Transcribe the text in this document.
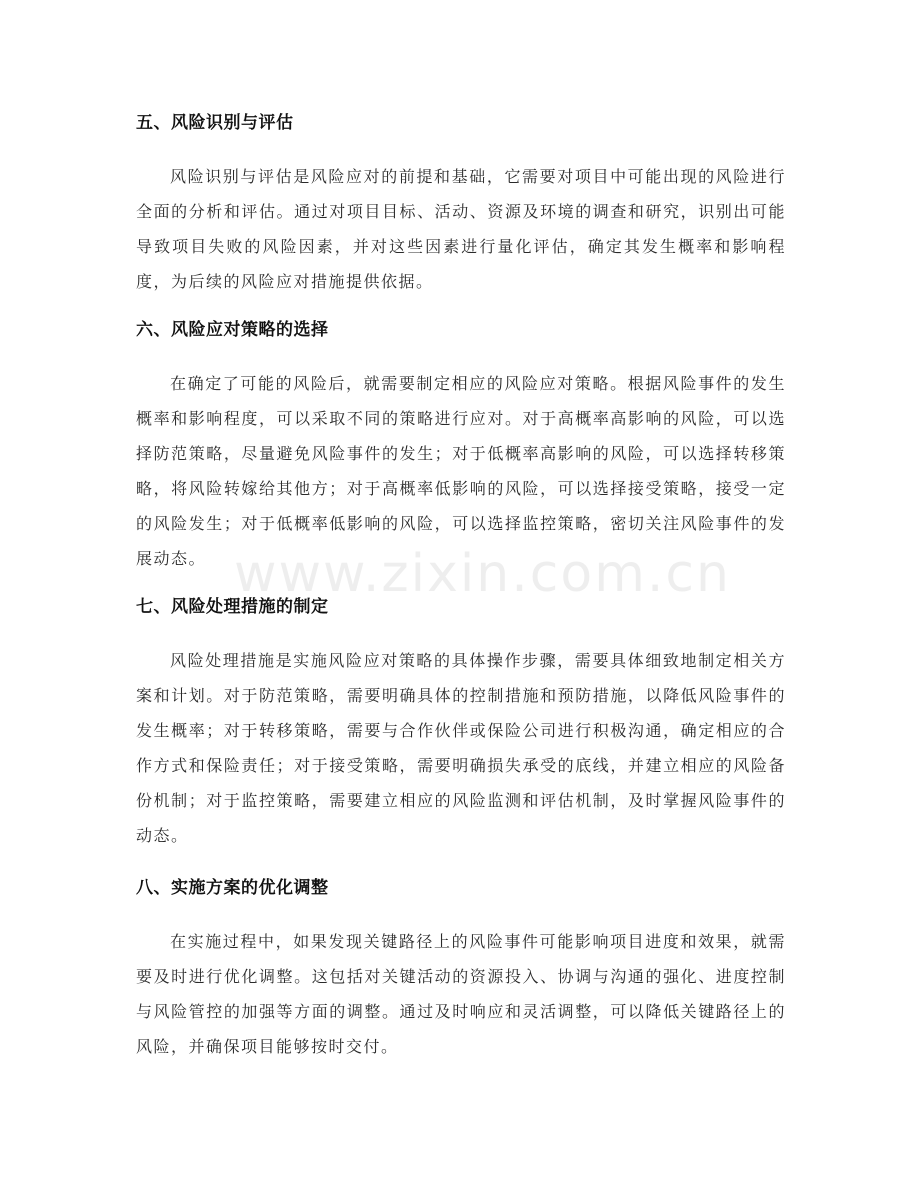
www.zixin.com.cn
五、风险识别与评估

风险识别与评估是风险应对的前提和基础，它需要对项目中可能出现的风险进行全面的分析和评估。通过对项目目标、活动、资源及环境的调查和研究，识别出可能导致项目失败的风险因素，并对这些因素进行量化评估，确定其发生概率和影响程度，为后续的风险应对措施提供依据。

六、风险应对策略的选择

在确定了可能的风险后，就需要制定相应的风险应对策略。根据风险事件的发生概率和影响程度，可以采取不同的策略进行应对。对于高概率高影响的风险，可以选择防范策略，尽量避免风险事件的发生；对于低概率高影响的风险，可以选择转移策略，将风险转嫁给其他方；对于高概率低影响的风险，可以选择接受策略，接受一定的风险发生；对于低概率低影响的风险，可以选择监控策略，密切关注风险事件的发展动态。

七、风险处理措施的制定

风险处理措施是实施风险应对策略的具体操作步骤，需要具体细致地制定相关方案和计划。对于防范策略，需要明确具体的控制措施和预防措施，以降低风险事件的发生概率；对于转移策略，需要与合作伙伴或保险公司进行积极沟通，确定相应的合作方式和保险责任；对于接受策略，需要明确损失承受的底线，并建立相应的风险备份机制；对于监控策略，需要建立相应的风险监测和评估机制，及时掌握风险事件的动态。

八、实施方案的优化调整

在实施过程中，如果发现关键路径上的风险事件可能影响项目进度和效果，就需要及时进行优化调整。这包括对关键活动的资源投入、协调与沟通的强化、进度控制与风险管控的加强等方面的调整。通过及时响应和灵活调整，可以降低关键路径上的风险，并确保项目能够按时交付。
